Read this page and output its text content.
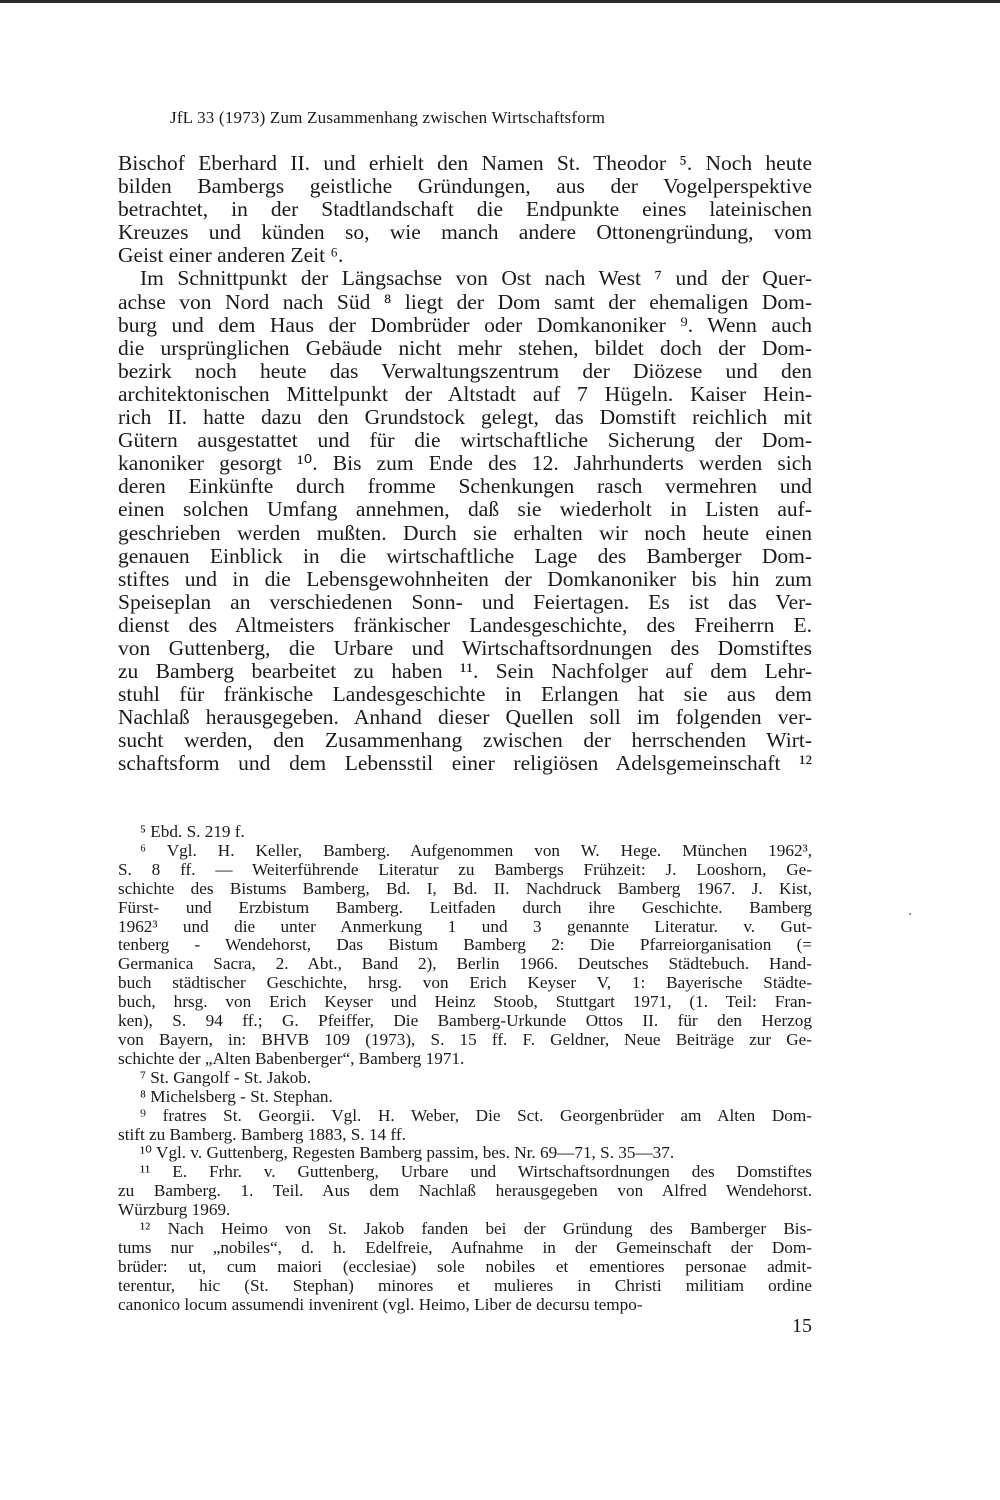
JfL 33 (1973) Zum Zusammenhang zwischen Wirtschaftsform
Bischof Eberhard II. und erhielt den Namen St. Theodor ⁵. Noch heute
bilden Bambergs geistliche Gründungen, aus der Vogelperspektive
betrachtet, in der Stadtlandschaft die Endpunkte eines lateinischen
Kreuzes und künden so, wie manch andere Ottonengründung, vom
Geist einer anderen Zeit ⁶.
Im Schnittpunkt der Längsachse von Ost nach West ⁷ und der Quer-
achse von Nord nach Süd ⁸ liegt der Dom samt der ehemaligen Dom-
burg und dem Haus der Dombrüder oder Domkanoniker ⁹. Wenn auch
die ursprünglichen Gebäude nicht mehr stehen, bildet doch der Dom-
bezirk noch heute das Verwaltungszentrum der Diözese und den
architektonischen Mittelpunkt der Altstadt auf 7 Hügeln. Kaiser Hein-
rich II. hatte dazu den Grundstock gelegt, das Domstift reichlich mit
Gütern ausgestattet und für die wirtschaftliche Sicherung der Dom-
kanoniker gesorgt ¹⁰. Bis zum Ende des 12. Jahrhunderts werden sich
deren Einkünfte durch fromme Schenkungen rasch vermehren und
einen solchen Umfang annehmen, daß sie wiederholt in Listen auf-
geschrieben werden mußten. Durch sie erhalten wir noch heute einen
genauen Einblick in die wirtschaftliche Lage des Bamberger Dom-
stiftes und in die Lebensgewohnheiten der Domkanoniker bis hin zum
Speiseplan an verschiedenen Sonn- und Feiertagen. Es ist das Ver-
dienst des Altmeisters fränkischer Landesgeschichte, des Freiherrn E.
von Guttenberg, die Urbare und Wirtschaftsordnungen des Domstiftes
zu Bamberg bearbeitet zu haben ¹¹. Sein Nachfolger auf dem Lehr-
stuhl für fränkische Landesgeschichte in Erlangen hat sie aus dem
Nachlaß herausgegeben. Anhand dieser Quellen soll im folgenden ver-
sucht werden, den Zusammenhang zwischen der herrschenden Wirt-
schaftsform und dem Lebensstil einer religiösen Adelsgemeinschaft ¹²
⁵ Ebd. S. 219 f.
⁶ Vgl. H. Keller, Bamberg. Aufgenommen von W. Hege. München 1962³,
S. 8 ff. — Weiterführende Literatur zu Bambergs Frühzeit: J. Looshorn, Ge-
schichte des Bistums Bamberg, Bd. I, Bd. II. Nachdruck Bamberg 1967. J. Kist,
Fürst- und Erzbistum Bamberg. Leitfaden durch ihre Geschichte. Bamberg
1962³ und die unter Anmerkung 1 und 3 genannte Literatur. v. Gut-
tenberg - Wendehorst, Das Bistum Bamberg 2: Die Pfarreiorganisation (=
Germanica Sacra, 2. Abt., Band 2), Berlin 1966. Deutsches Städtebuch. Hand-
buch städtischer Geschichte, hrsg. von Erich Keyser V, 1: Bayerische Städte-
buch, hrsg. von Erich Keyser und Heinz Stoob, Stuttgart 1971, (1. Teil: Fran-
ken), S. 94 ff.; G. Pfeiffer, Die Bamberg-Urkunde Ottos II. für den Herzog
von Bayern, in: BHVB 109 (1973), S. 15 ff. F. Geldner, Neue Beiträge zur Ge-
schichte der „Alten Babenberger“, Bamberg 1971.
⁷ St. Gangolf - St. Jakob.
⁸ Michelsberg - St. Stephan.
⁹ fratres St. Georgii. Vgl. H. Weber, Die Sct. Georgenbrüder am Alten Dom-
stift zu Bamberg. Bamberg 1883, S. 14 ff.
¹⁰ Vgl. v. Guttenberg, Regesten Bamberg passim, bes. Nr. 69—71, S. 35—37.
¹¹ E. Frhr. v. Guttenberg, Urbare und Wirtschaftsordnungen des Domstiftes
zu Bamberg. 1. Teil. Aus dem Nachlaß herausgegeben von Alfred Wendehorst.
Würzburg 1969.
¹² Nach Heimo von St. Jakob fanden bei der Gründung des Bamberger Bis-
tums nur „nobiles“, d. h. Edelfreie, Aufnahme in der Gemeinschaft der Dom-
brüder: ut, cum maiori (ecclesiae) sole nobiles et ementiores personae admit-
terentur, hic (St. Stephan) minores et mulieres in Christi militiam ordine
canonico locum assumendi invenirent (vgl. Heimo, Liber de decursu tempo-
15
